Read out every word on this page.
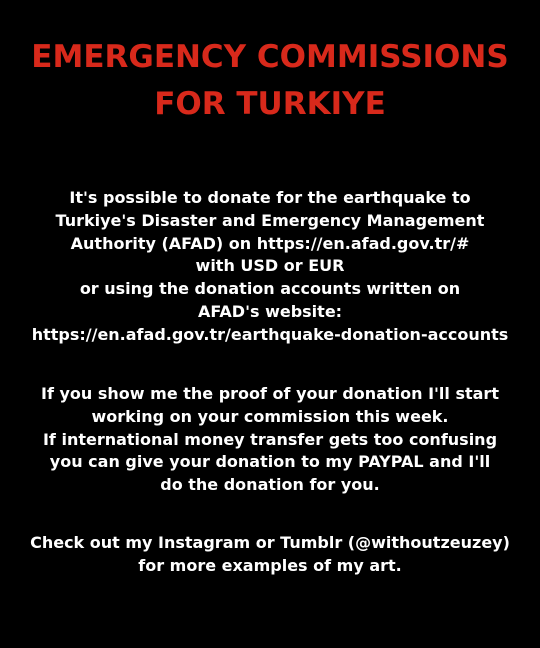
EMERGENCY COMMISSIONS
FOR TURKIYE
It's possible to donate for the earthquake to
Turkiye's Disaster and Emergency Management
Authority (AFAD) on https://en.afad.gov.tr/#
with USD or EUR
or using the donation accounts written on
AFAD's website:
https://en.afad.gov.tr/earthquake-donation-accounts
If you show me the proof of your donation I'll start
working on your commission this week.
If international money transfer gets too confusing
you can give your donation to my PAYPAL and I'll
do the donation for you.
Check out my Instagram or Tumblr (@withoutzeuzey)
for more examples of my art.
